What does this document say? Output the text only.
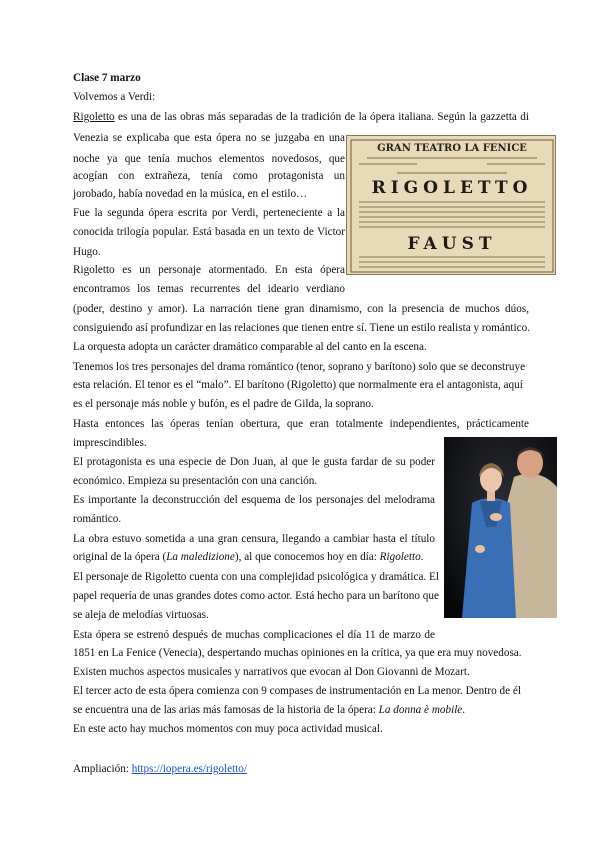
Clase 7 marzo
Volvemos a Verdi:
Rigoletto es una de las obras más separadas de la tradición de la ópera italiana. Según la gazzetta di
Venezia se explicaba que esta ópera no se juzgaba en una
noche ya que tenía muchos elementos novedosos, que
acogían con extrañeza, tenía como protagonista un
jorobado, había novedad en la música, en el estilo…
Fue la segunda ópera escrita por Verdi, perteneciente a la
conocida trilogía popular. Está basada en un texto de Victor
Hugo.
Rigoletto es un personaje atormentado. En esta ópera
encontramos los temas recurrentes del ideario verdiano
(poder, destino y amor). La narración tiene gran dinamismo, con la presencia de muchos dúos,
consiguiendo así profundizar en las relaciones que tienen entre sí. Tiene un estilo realista y romántico.
La orquesta adopta un carácter dramático comparable al del canto en la escena.
Tenemos los tres personajes del drama romántico (tenor, soprano y barítono) solo que se deconstruye
esta relación. El tenor es el “malo”. El barítono (Rigoletto) que normalmente era el antagonista, aquí
es el personaje más noble y bufón, es el padre de Gilda, la soprano.
Hasta entonces las óperas tenían obertura, que eran totalmente independientes, prácticamente
imprescindibles.
El protagonista es una especie de Don Juan, al que le gusta fardar de su poder
económico. Empieza su presentación con una canción.
Es importante la deconstrucción del esquema de los personajes del melodrama
romántico.
La obra estuvo sometida a una gran censura, llegando a cambiar hasta el título
original de la ópera (La maledizione), al que conocemos hoy en día: Rigoletto.
El personaje de Rigoletto cuenta con una complejidad psicológica y dramática. El
papel requería de unas grandes dotes como actor. Está hecho para un barítono que
se aleja de melodías virtuosas.
Esta ópera se estrenó después de muchas complicaciones el día 11 de marzo de
1851 en La Fenice (Venecia), despertando muchas opiniones en la crítica, ya que era muy novedosa.
Existen muchos aspectos musicales y narrativos que evocan al Don Giovanni de Mozart.
El tercer acto de esta ópera comienza con 9 compases de instrumentación en La menor. Dentro de él
se encuentra una de las arias más famosas de la historia de la ópera: La donna è mobile.
En este acto hay muchos momentos con muy poca actividad musical.
Ampliación: https://iopera.es/rigoletto/
GRAN TEATRO LA FENICE
RIGOLETTO
FAUST
